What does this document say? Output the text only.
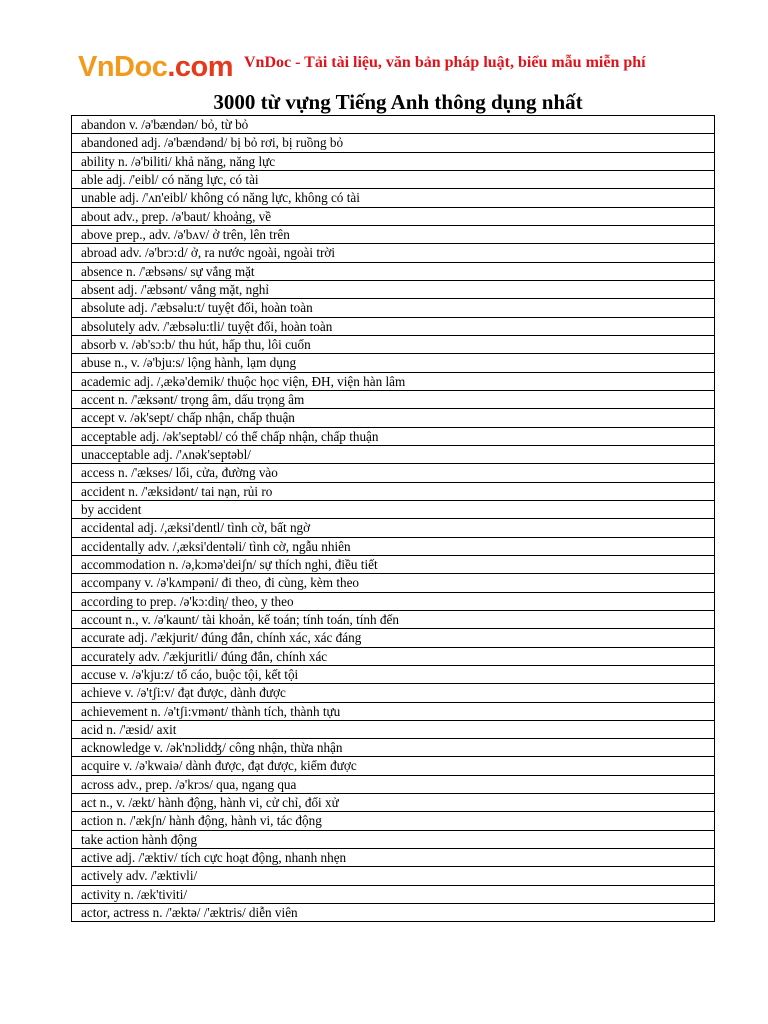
VnDoc.com VnDoc - Tải tài liệu, văn bản pháp luật, biểu mẫu miễn phí
3000 từ vựng Tiếng Anh thông dụng nhất
abandon v. /ə'bændən/ bỏ, từ bỏ
abandoned adj. /ə'bændənd/ bị bỏ rơi, bị ruồng bỏ
ability n. /ə'biliti/ khả năng, năng lực
able adj. /'eibl/ có năng lực, có tài
unable adj. /'ʌn'eibl/ không có năng lực, không có tài
about adv., prep. /ə'baut/ khoảng, về
above prep., adv. /ə'bʌv/ ở trên, lên trên
abroad adv. /ə'brɔ:d/ ở, ra nước ngoài, ngoài trời
absence n. /'æbsəns/ sự vắng mặt
absent adj. /'æbsənt/ vắng mặt, nghỉ
absolute adj. /'æbsəlu:t/ tuyệt đối, hoàn toàn
absolutely adv. /'æbsəlu:tli/ tuyệt đối, hoàn toàn
absorb v. /əb'sɔ:b/ thu hút, hấp thu, lôi cuốn
abuse n., v. /ə'bju:s/ lộng hành, lạm dụng
academic adj. /,ækə'demik/ thuộc học viện, ĐH, viện hàn lâm
accent n. /'æksənt/ trọng âm, dấu trọng âm
accept v. /ək'sept/ chấp nhận, chấp thuận
acceptable adj. /ək'septəbl/ có thể chấp nhận, chấp thuận
unacceptable adj. /'ʌnək'septəbl/
access n. /'ækses/ lối, cửa, đường vào
accident n. /'æksidənt/ tai nạn, rủi ro
by accident
accidental adj. /,æksi'dentl/ tình cờ, bất ngờ
accidentally adv. /,æksi'dentəli/ tình cờ, ngẫu nhiên
accommodation n. /ə,kɔmə'deiʃn/ sự thích nghi, điều tiết
accompany v. /ə'kʌmpəni/ đi theo, đi cùng, kèm theo
according to prep. /ə'kɔ:diɳ/ theo, y theo
account n., v. /ə'kaunt/ tài khoản, kế toán; tính toán, tính đến
accurate adj. /'ækjurit/ đúng đắn, chính xác, xác đáng
accurately adv. /'ækjuritli/ đúng đắn, chính xác
accuse v. /ə'kju:z/ tố cáo, buộc tội, kết tội
achieve v. /ə'tʃi:v/ đạt được, dành được
achievement n. /ə'tʃi:vmənt/ thành tích, thành tựu
acid n. /'æsid/ axit
acknowledge v. /ək'nɔlidʤ/ công nhận, thừa nhận
acquire v. /ə'kwaiə/ dành được, đạt được, kiếm được
across adv., prep. /ə'krɔs/ qua, ngang qua
act n., v. /ækt/ hành động, hành vi, cử chỉ, đối xử
action n. /'ækʃn/ hành động, hành vi, tác động
take action hành động
active adj. /'æktiv/ tích cực hoạt động, nhanh nhẹn
actively adv. /'æktivli/
activity n. /æk'tiviti/
actor, actress n. /'æktə/ /'æktris/ diễn viên
